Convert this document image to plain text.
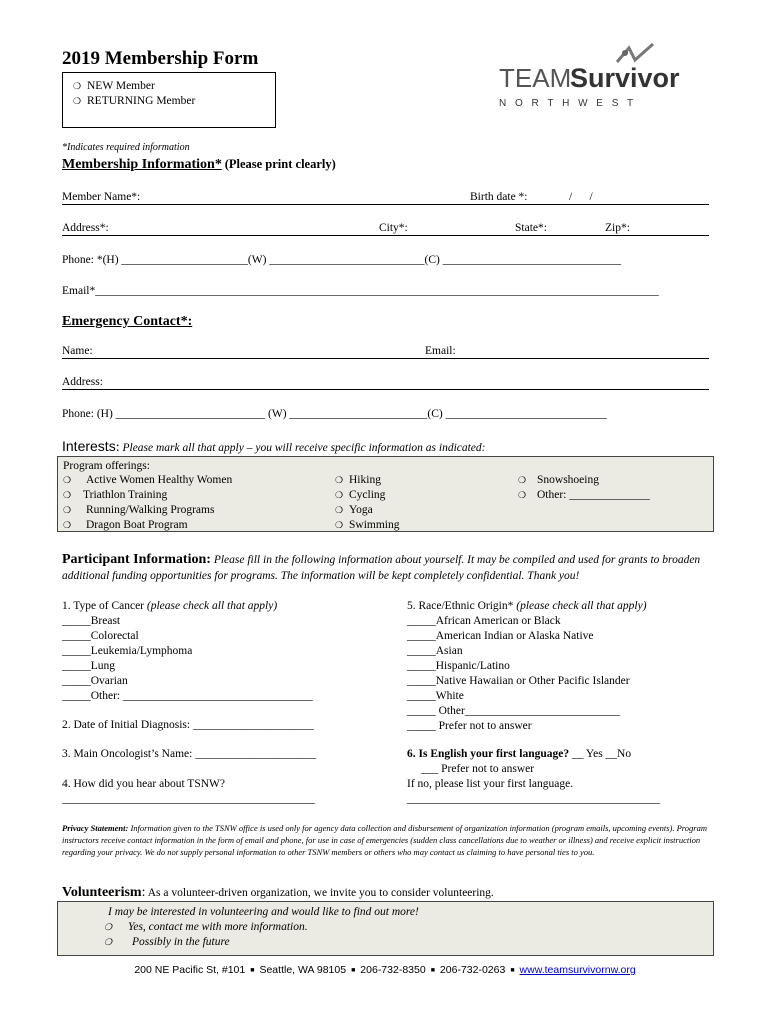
2019 Membership Form
❍ NEW Member
❍ RETURNING Member
TEAM
Survivor
N O R T H W E S T
*Indicates required information
Membership Information* (Please print clearly)
Member Name*:	Birth date *:	/      /
Address*:	City*:	State*:	Zip*:
Phone: *(H) ______________________(W) ___________________________(C) _______________________________
Email*__________________________________________________________________________________________________
Emergency Contact*:
Name:	Email:
Address:
Phone: (H) __________________________ (W) ________________________(C) ____________________________
Interests: Please mark all that apply – you will receive specific information as indicated:
Program offerings:
❍ Active Women Healthy Women
❍ Triathlon Training
❍ Running/Walking Programs
❍ Dragon Boat Program
❍ Hiking
❍ Cycling
❍ Yoga
❍ Swimming
❍ Snowshoeing
❍ Other: ______________
Participant Information: Please fill in the following information about yourself. It may be compiled and used for grants to broaden additional funding opportunities for programs. The information will be kept completely confidential. Thank you!
1. Type of Cancer (please check all that apply)
_____Breast
_____Colorectal
_____Leukemia/Lymphoma
_____Lung
_____Ovarian
_____Other: _________________________________
2. Date of Initial Diagnosis: _____________________
3. Main Oncologist’s Name: _____________________
4. How did you hear about TSNW?
____________________________________________
5. Race/Ethnic Origin* (please check all that apply)
_____African American or Black
_____American Indian or Alaska Native
_____Asian
_____Hispanic/Latino
_____Native Hawaiian or Other Pacific Islander
_____White
_____ Other___________________________
_____ Prefer not to answer
6. Is English your first language? __ Yes __No
___ Prefer not to answer
If no, please list your first language.
____________________________________________
Privacy Statement: Information given to the TSNW office is used only for agency data collection and disbursement of organization information (program emails, upcoming events). Program instructors receive contact information in the form of email and phone, for use in case of emergencies (sudden class cancellations due to weather or illness) and receive explicit instruction regarding your privacy. We do not supply personal information to other TSNW members or others who may contact us claiming to have personal ties to you.
Volunteerism: As a volunteer-driven organization, we invite you to consider volunteering.
I may be interested in volunteering and would like to find out more!
❍ Yes, contact me with more information.
❍ Possibly in the future
200 NE Pacific St, #101 ■ Seattle, WA 98105 ■ 206-732-8350 ■ 206-732-0263 ■ www.teamsurvivornw.org
